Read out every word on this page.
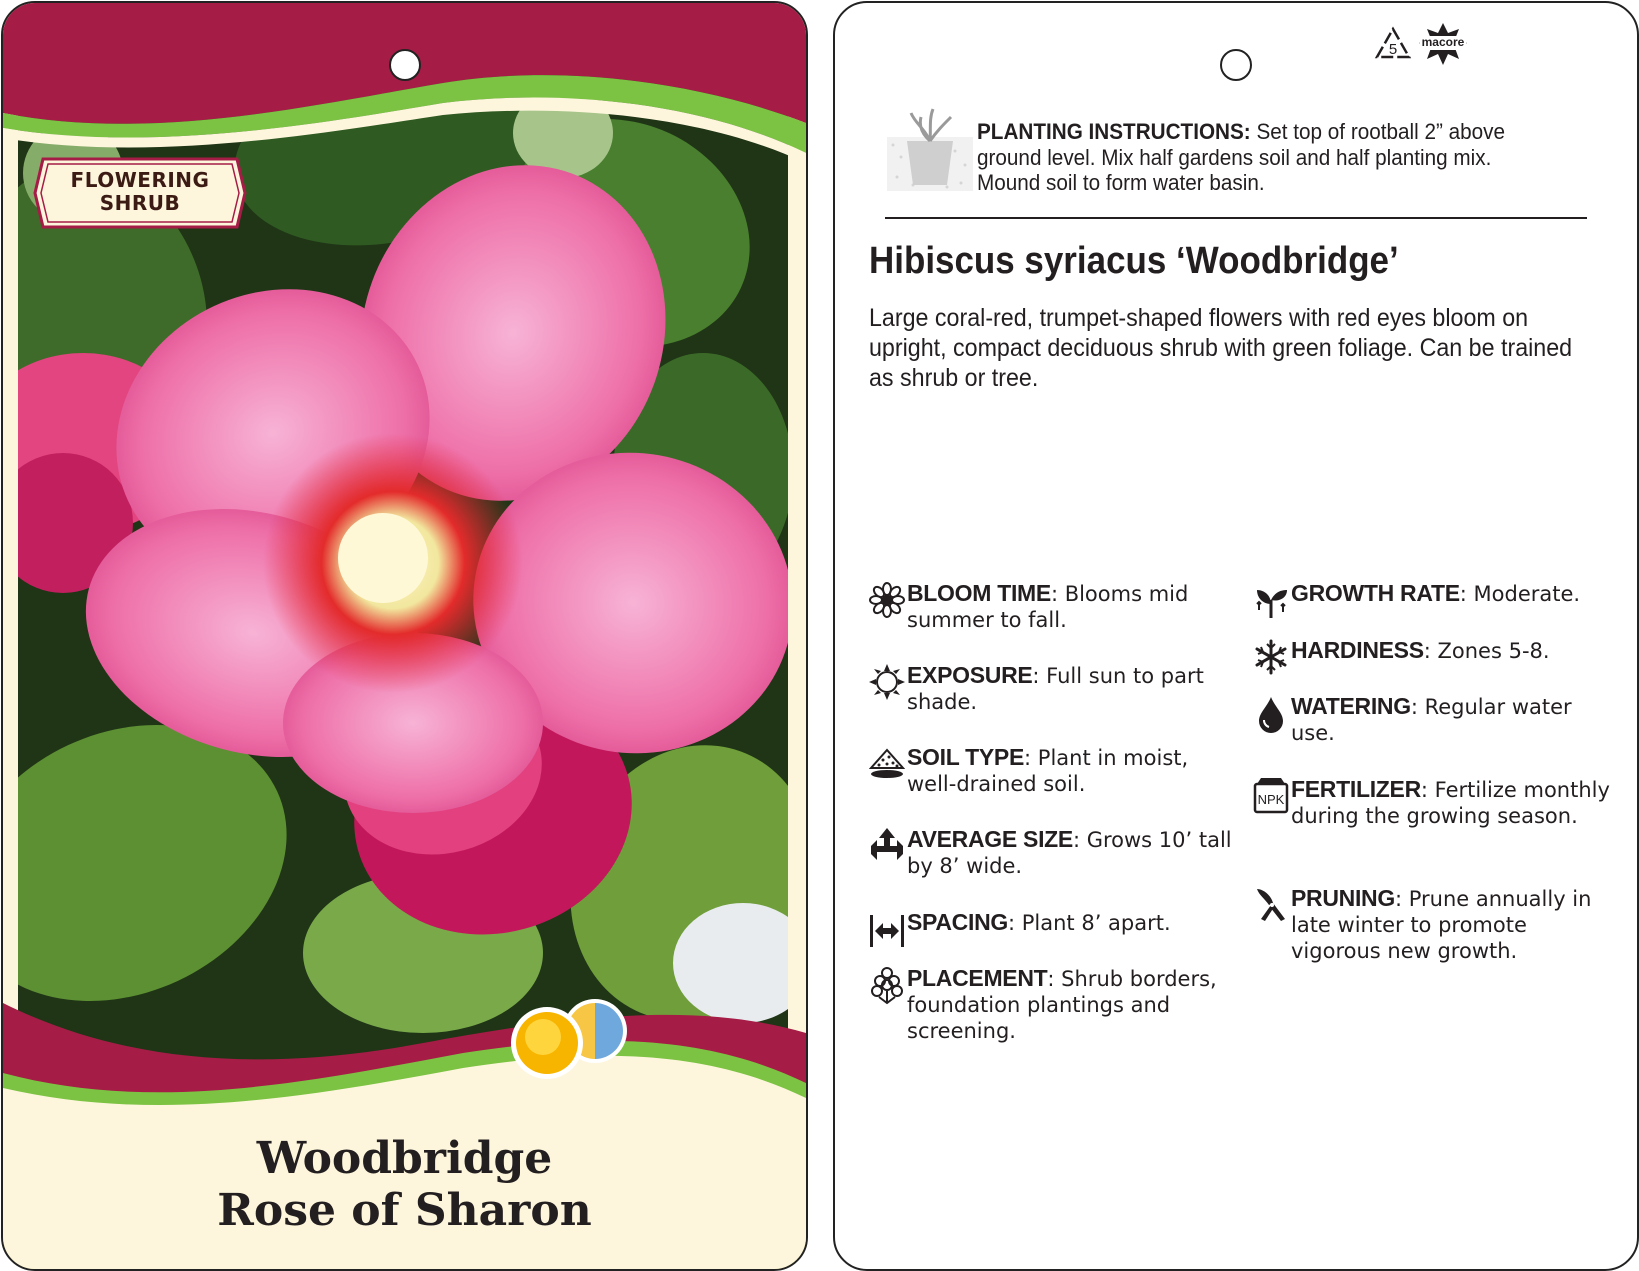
FLOWERING
SHRUB
Woodbridge
Rose of Sharon
5	macore
PLANTING INSTRUCTIONS: Set top of rootball 2” above ground level. Mix half gardens soil and half planting mix. Mound soil to form water basin.
Hibiscus syriacus ‘Woodbridge’
Large coral-red, trumpet-shaped flowers with red eyes bloom on upright, compact deciduous shrub with green foliage. Can be trained as shrub or tree.
BLOOM TIME: Blooms mid summer to fall.
EXPOSURE: Full sun to part shade.
SOIL TYPE: Plant in moist, well-drained soil.
AVERAGE SIZE: Grows 10’ tall by 8’ wide.
SPACING: Plant 8’ apart.
PLACEMENT: Shrub borders, foundation plantings and screening.
GROWTH RATE: Moderate.
HARDINESS: Zones 5-8.
WATERING: Regular water use.
NPK FERTILIZER: Fertilize monthly during the growing season.
PRUNING: Prune annually in late winter to promote vigorous new growth.
